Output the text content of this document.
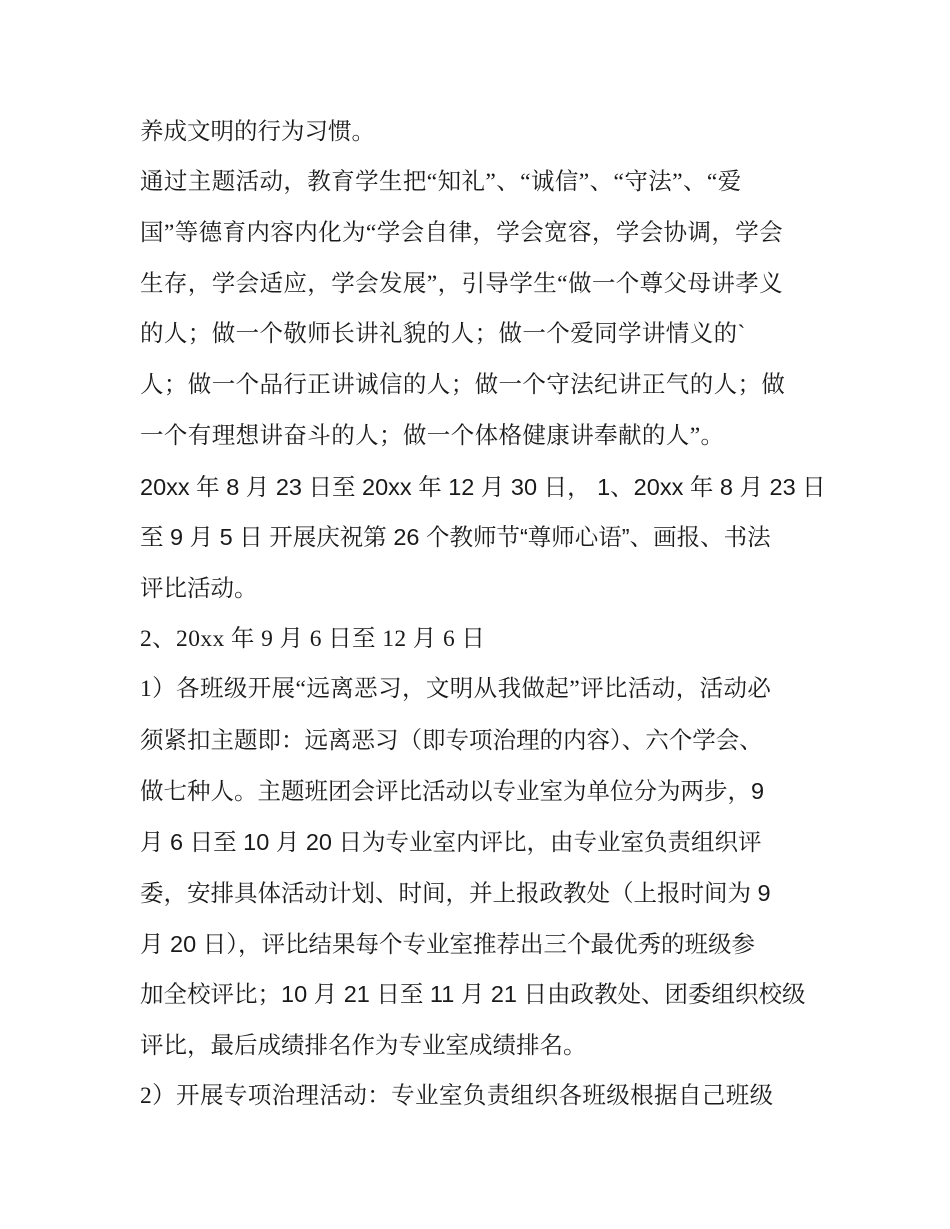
养成文明的行为习惯。

通过主题活动，教育学生把“知礼”、“诚信”、“守法”、“爱

国”等德育内容内化为“学会自律，学会宽容，学会协调，学会

生存，学会适应，学会发展”，引导学生“做一个尊父母讲孝义

的人；做一个敬师长讲礼貌的人；做一个爱同学讲情义的`

人；做一个品行正讲诚信的人；做一个守法纪讲正气的人；做

一个有理想讲奋斗的人；做一个体格健康讲奉献的人”。

20xx 年 8 月 23 日至 20xx 年 12 月 30 日， 1、20xx 年 8 月 23 日

至 9 月 5 日 开展庆祝第 26 个教师节“尊师心语”、画报、书法

评比活动。

2、20xx 年 9 月 6 日至 12 月 6 日

1）各班级开展“远离恶习，文明从我做起”评比活动，活动必

须紧扣主题即：远离恶习（即专项治理的内容）、六个学会、

做七种人。主题班团会评比活动以专业室为单位分为两步，9

月 6 日至 10 月 20 日为专业室内评比，由专业室负责组织评

委，安排具体活动计划、时间，并上报政教处（上报时间为 9

月 20 日），评比结果每个专业室推荐出三个最优秀的班级参

加全校评比；10 月 21 日至 11 月 21 日由政教处、团委组织校级

评比，最后成绩排名作为专业室成绩排名。

2）开展专项治理活动：专业室负责组织各班级根据自己班级
